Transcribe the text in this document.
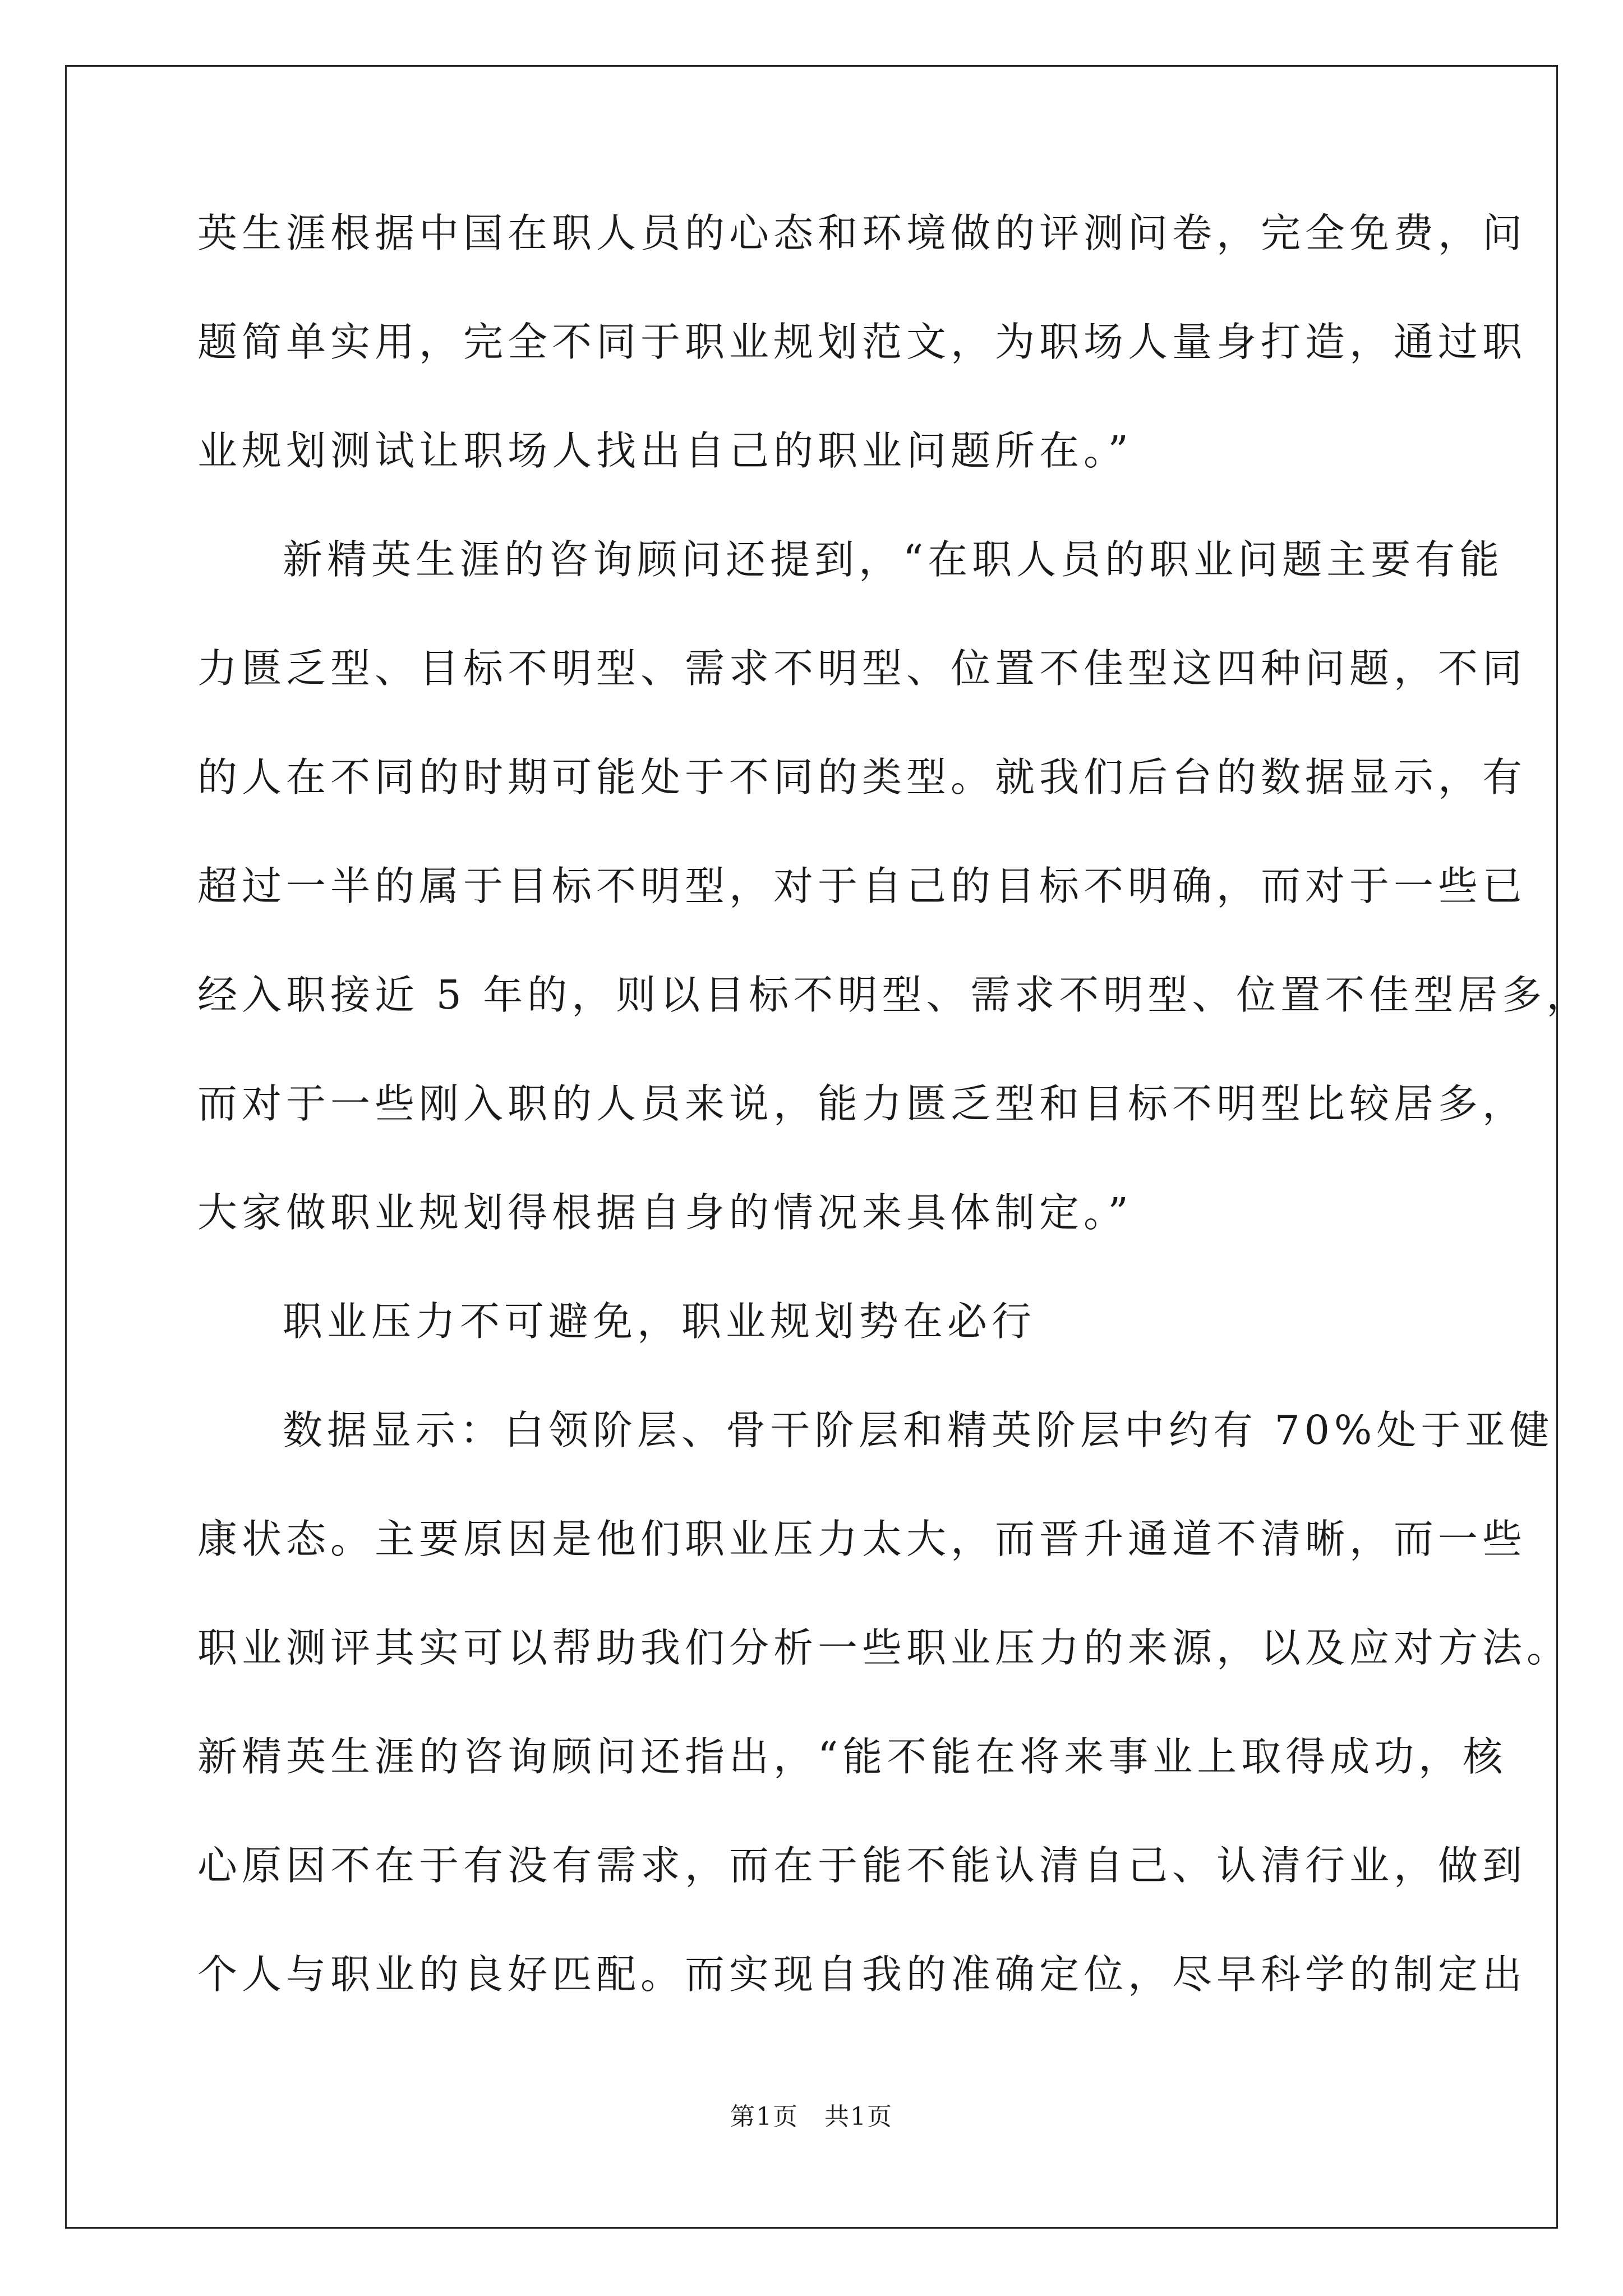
英生涯根据中国在职人员的心态和环境做的评测问卷，完全免费，问
题简单实用，完全不同于职业规划范文，为职场人量身打造，通过职
业规划测试让职场人找出自己的职业问题所在。”
新精英生涯的咨询顾问还提到，“在职人员的职业问题主要有能
力匮乏型、目标不明型、需求不明型、位置不佳型这四种问题，不同
的人在不同的时期可能处于不同的类型。就我们后台的数据显示，有
超过一半的属于目标不明型，对于自己的目标不明确，而对于一些已
经入职接近 5 年的，则以目标不明型、需求不明型、位置不佳型居多，
而对于一些刚入职的人员来说，能力匮乏型和目标不明型比较居多，
大家做职业规划得根据自身的情况来具体制定。”
职业压力不可避免，职业规划势在必行
数据显示：白领阶层、骨干阶层和精英阶层中约有 70%处于亚健
康状态。主要原因是他们职业压力太大，而晋升通道不清晰，而一些
职业测评其实可以帮助我们分析一些职业压力的来源，以及应对方法。
新精英生涯的咨询顾问还指出，“能不能在将来事业上取得成功，核
心原因不在于有没有需求，而在于能不能认清自己、认清行业，做到
个人与职业的良好匹配。而实现自我的准确定位，尽早科学的制定出
第1页　共1页
